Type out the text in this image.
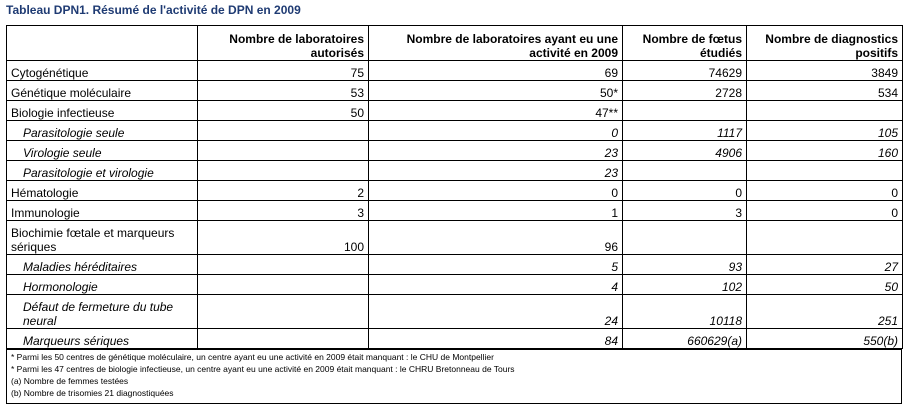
Tableau DPN1. Résumé de l'activité de DPN en 2009
	Nombre de laboratoires autorisés	Nombre de laboratoires ayant eu une activité en 2009	Nombre de fœtus étudiés	Nombre de diagnostics positifs
Cytogénétique	75	69	74629	3849
Génétique moléculaire	53	50*	2728	534
Biologie infectieuse	50	47**		
Parasitologie seule		0	1117	105
Virologie seule		23	4906	160
Parasitologie et virologie		23		
Hématologie	2	0	0	0
Immunologie	3	1	3	0
Biochimie fœtale et marqueurs sériques	100	96		
Maladies héréditaires		5	93	27
Hormonologie		4	102	50
Défaut de fermeture du tube neural		24	10118	251
Marqueurs sériques		84	660629(a)	550(b)
* Parmi les 50 centres de génétique moléculaire, un centre ayant eu une activité en 2009 était manquant : le CHU de Montpellier
* Parmi les 47 centres de biologie infectieuse, un centre ayant eu une activité en 2009 était manquant : le CHRU Bretonneau de Tours
(a) Nombre de femmes testées
(b) Nombre de trisomies 21 diagnostiquées
